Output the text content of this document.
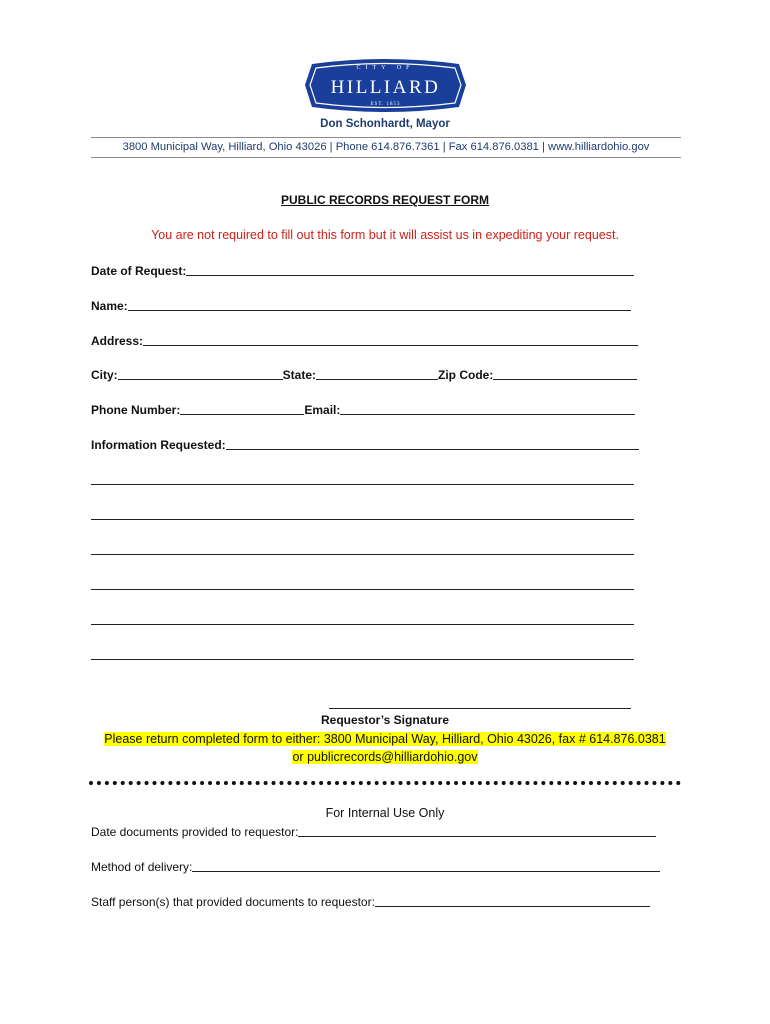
CITY OF
HILLIARD
EST. 1853
Don Schonhardt, Mayor
3800 Municipal Way, Hilliard, Ohio 43026 | Phone 614.876.7361 | Fax 614.876.0381 | www.hilliardohio.gov
PUBLIC RECORDS REQUEST FORM
You are not required to fill out this form but it will assist us in expediting your request.
Date of Request:
Name:
Address:
City:	State:	Zip Code:
Phone Number:	Email:
Information Requested:
Requestor’s Signature
Please return completed form to either: 3800 Municipal Way, Hilliard, Ohio 43026, fax # 614.876.0381
or publicrecords@hilliardohio.gov
For Internal Use Only
Date documents provided to requestor:
Method of delivery:
Staff person(s) that provided documents to requestor:
